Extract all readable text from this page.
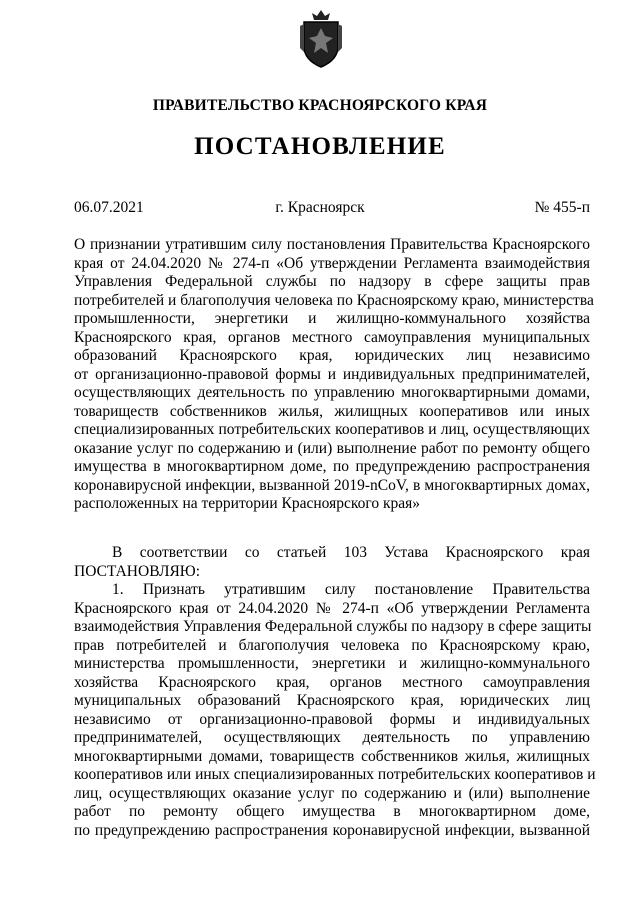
ПРАВИТЕЛЬСТВО КРАСНОЯРСКОГО КРАЯ
ПОСТАНОВЛЕНИЕ
06.07.2021	г. Красноярск	№ 455-п
О признании утратившим силу постановления Правительства Красноярского
края от 24.04.2020 № 274-п «Об утверждении Регламента взаимодействия
Управления Федеральной службы по надзору в сфере защиты прав
потребителей и благополучия человека по Красноярскому краю, министерства
промышленности, энергетики и жилищно-коммунального хозяйства
Красноярского края, органов местного самоуправления муниципальных
образований Красноярского края, юридических лиц независимо
от организационно-правовой формы и индивидуальных предпринимателей,
осуществляющих деятельность по управлению многоквартирными домами,
товариществ собственников жилья, жилищных кооперативов или иных
специализированных потребительских кооперативов и лиц, осуществляющих
оказание услуг по содержанию и (или) выполнение работ по ремонту общего
имущества в многоквартирном доме, по предупреждению распространения
коронавирусной инфекции, вызванной 2019-nCoV, в многоквартирных домах,
расположенных на территории Красноярского края»
В соответствии со статьей 103 Устава Красноярского края
ПОСТАНОВЛЯЮ:
1. Признать утратившим силу постановление Правительства
Красноярского края от 24.04.2020 № 274-п «Об утверждении Регламента
взаимодействия Управления Федеральной службы по надзору в сфере защиты
прав потребителей и благополучия человека по Красноярскому краю,
министерства промышленности, энергетики и жилищно-коммунального
хозяйства Красноярского края, органов местного самоуправления
муниципальных образований Красноярского края, юридических лиц
независимо от организационно-правовой формы и индивидуальных
предпринимателей, осуществляющих деятельность по управлению
многоквартирными домами, товариществ собственников жилья, жилищных
кооперативов или иных специализированных потребительских кооперативов и
лиц, осуществляющих оказание услуг по содержанию и (или) выполнение
работ по ремонту общего имущества в многоквартирном доме,
по предупреждению распространения коронавирусной инфекции, вызванной
